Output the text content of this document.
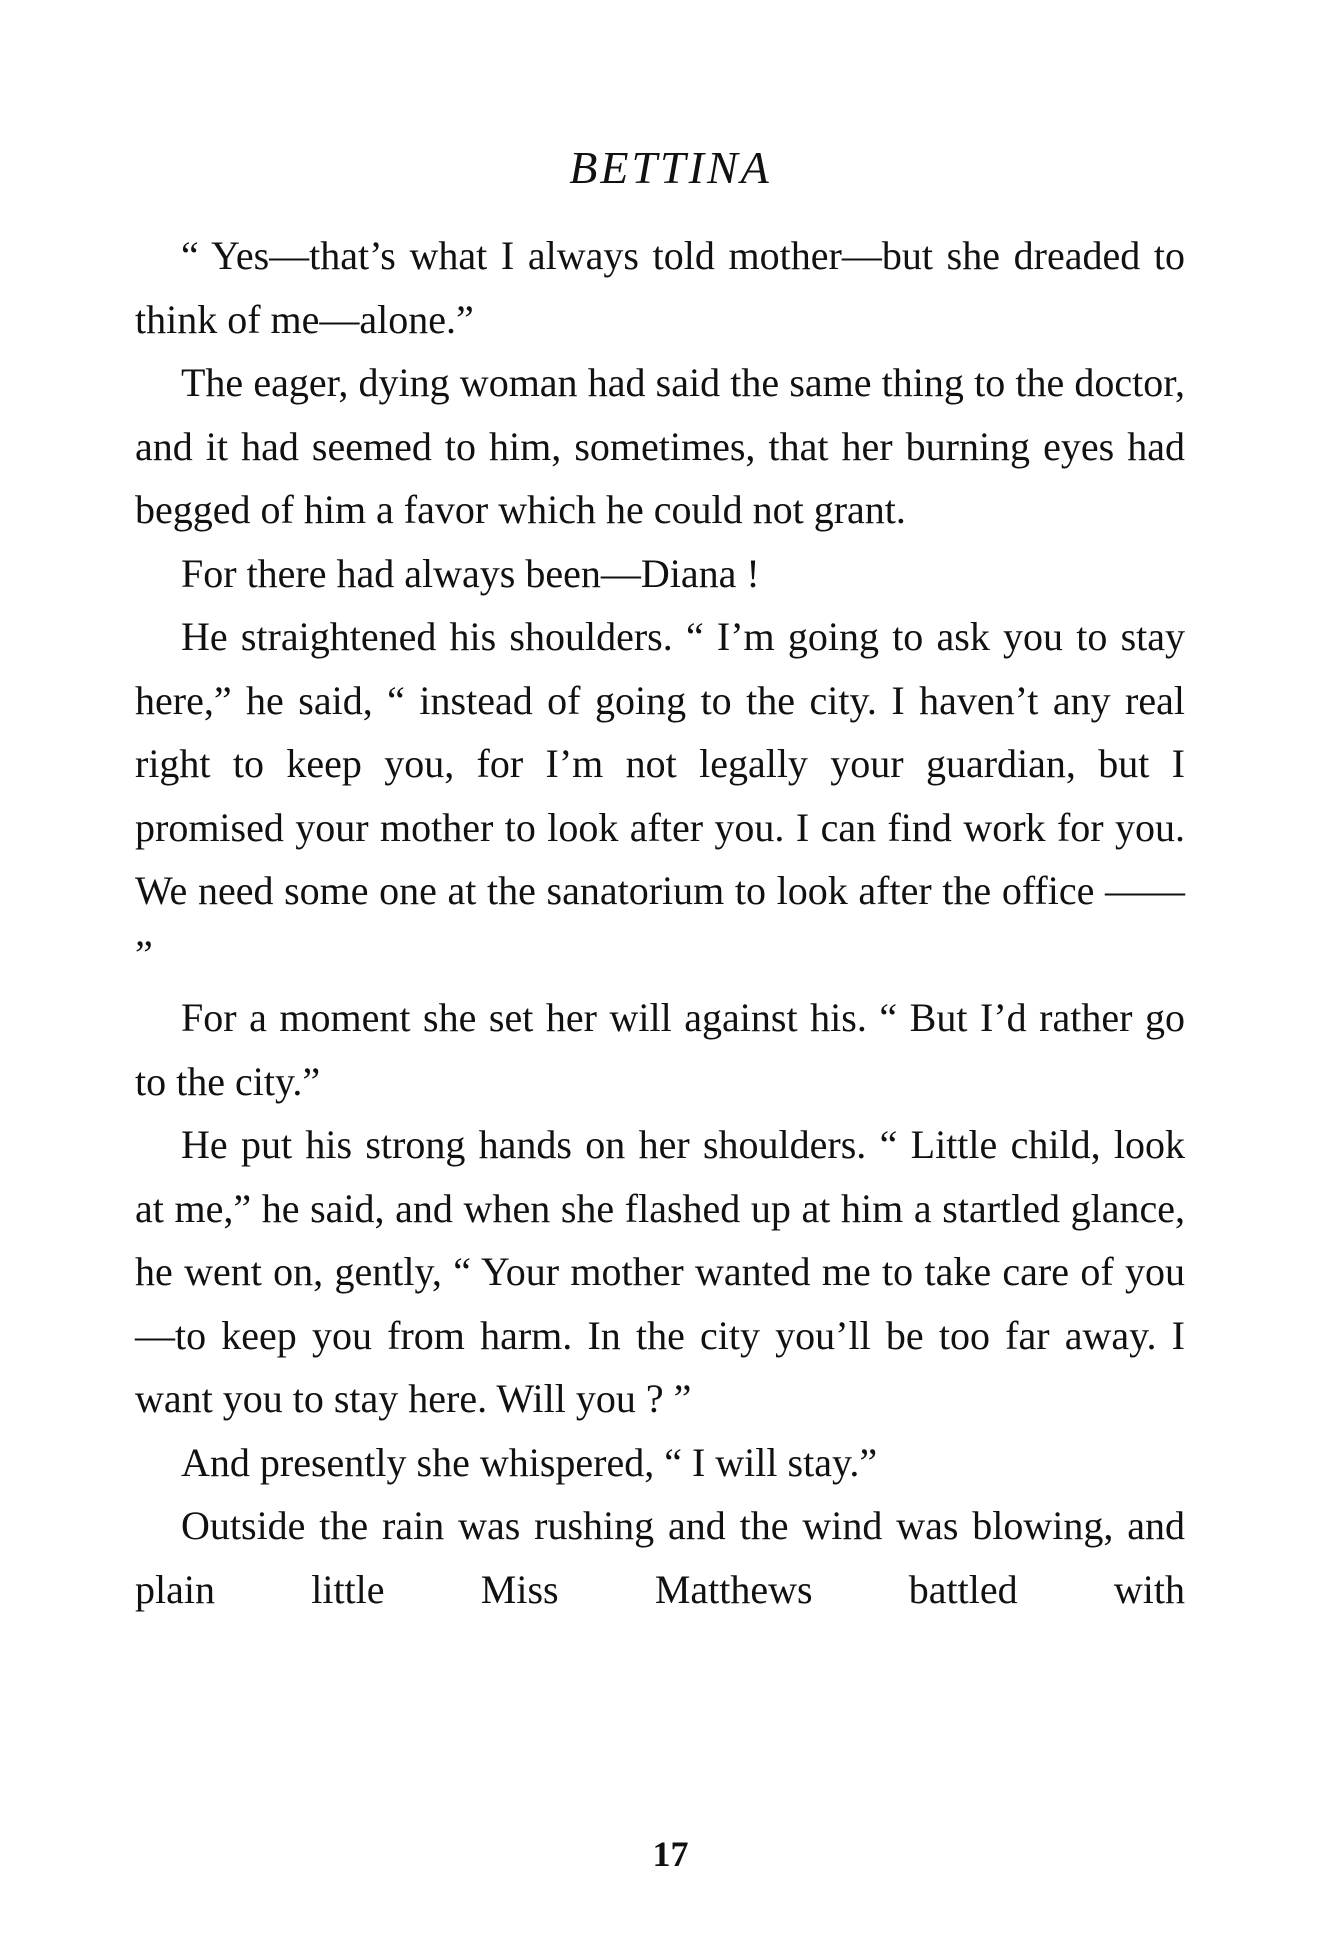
BETTINA

“ Yes—that’s what I always told mother—but she dreaded to think of me—alone.”

The eager, dying woman had said the same thing to the doctor, and it had seemed to him, sometimes, that her burning eyes had begged of him a favor which he could not grant.

For there had always been—Diana !

He straightened his shoulders. “ I’m going to ask you to stay here,” he said, “ instead of going to the city. I haven’t any real right to keep you, for I’m not legally your guardian, but I promised your mother to look after you. I can find work for you. We need some one at the sanatorium to look after the office —— ”

For a moment she set her will against his. “ But I’d rather go to the city.”

He put his strong hands on her shoulders. “ Little child, look at me,” he said, and when she flashed up at him a startled glance, he went on, gently, “ Your mother wanted me to take care of you—to keep you from harm. In the city you’ll be too far away. I want you to stay here. Will you ? ”

And presently she whispered, “ I will stay.”

Outside the rain was rushing and the wind was blowing, and plain little Miss Matthews battled with

17
